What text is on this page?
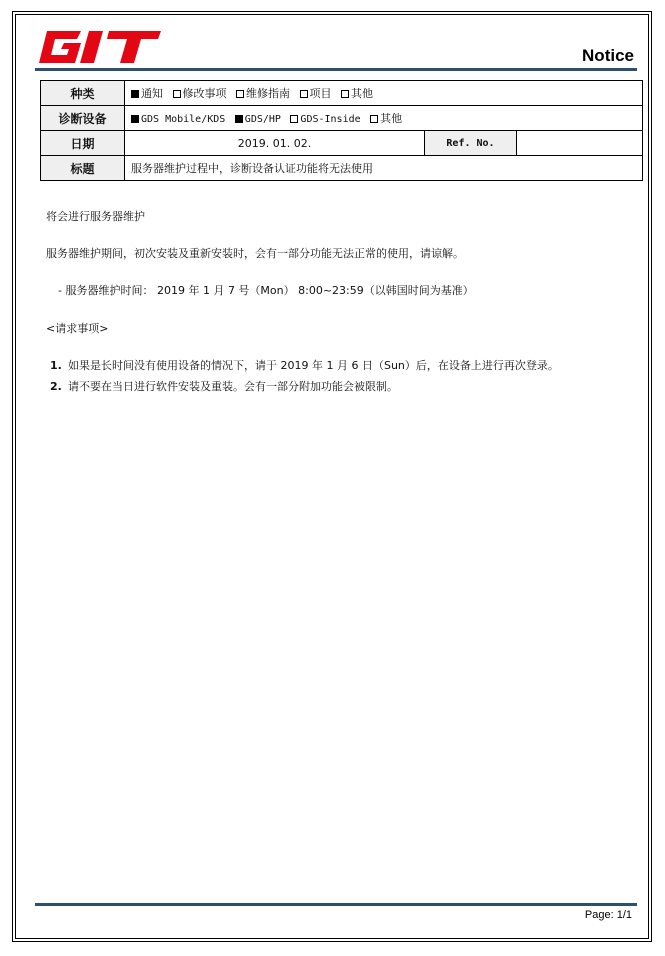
Notice
种类	通知 修改事项 维修指南 项目 其他		
诊断设备	GDS Mobile/KDS GDS/HP GDS-Inside 其他		
日期	2019. 01. 02.	Ref. No.	
标题	服务器维护过程中，诊断设备认证功能将无法使用		
将会进行服务器维护
服务器维护期间，初次安装及重新安装时，会有一部分功能无法正常的使用，请谅解。
- 服务器维护时间： 2019 年 1 月 7 号（Mon） 8:00~23:59（以韩国时间为基准）
<请求事项>
1. 如果是长时间没有使用设备的情况下，请于 2019 年 1 月 6 日（Sun）后，在设备上进行再次登录。
2. 请不要在当日进行软件安装及重装。会有一部分附加功能会被限制。
Page: 1/1
